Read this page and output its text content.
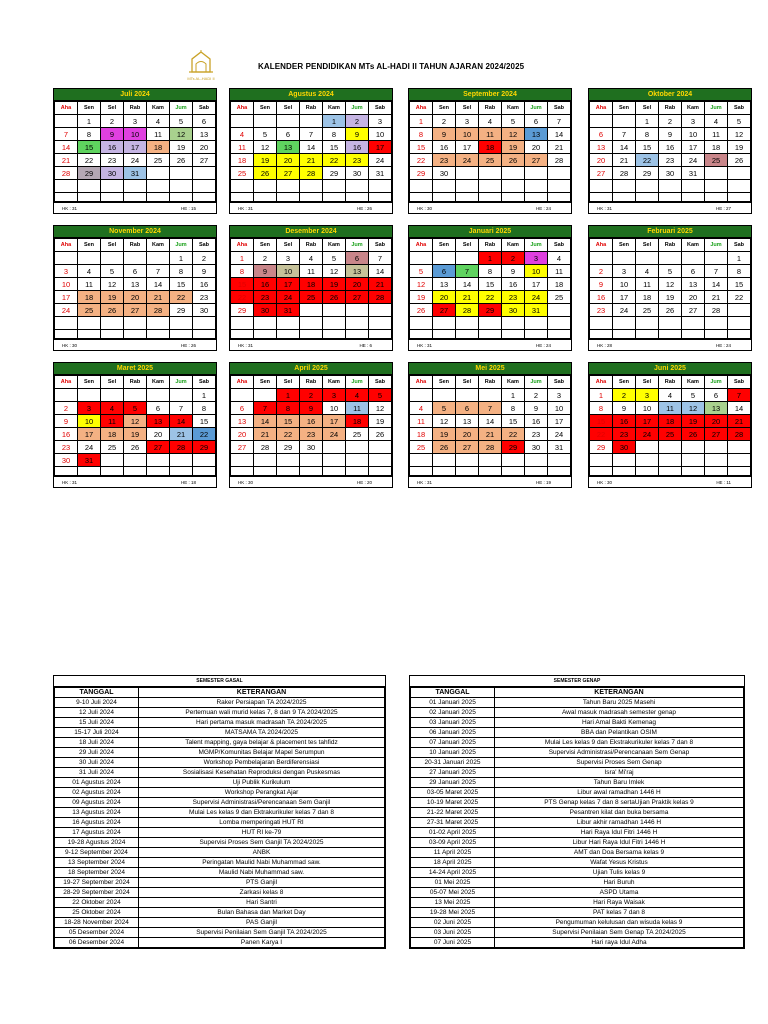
MTs AL-HADI II
KALENDER PENDIDIKAN MTs AL-HADI II TAHUN AJARAN 2024/2025
Juli 2024
Aha	Sen	Sel	Rab	Kam	Jum	Sab
	1	2	3	4	5	6
7	8	9	10	11	12	13
14	15	16	17	18	19	20
21	22	23	24	25	26	27
28	29	30	31			

HK : 31	HE : 15
Agustus 2024
Aha	Sen	Sel	Rab	Kam	Jum	Sab
				1	2	3
4	5	6	7	8	9	10
11	12	13	14	15	16	17
18	19	20	21	22	23	24
25	26	27	28	29	30	31

HK : 31	HE : 26
September 2024
Aha	Sen	Sel	Rab	Kam	Jum	Sab
1	2	3	4	5	6	7
8	9	10	11	12	13	14
15	16	17	18	19	20	21
22	23	24	25	26	27	28
29	30					

HK : 30	HE : 24
Oktober 2024
Aha	Sen	Sel	Rab	Kam	Jum	Sab
		1	2	3	4	5
6	7	8	9	10	11	12
13	14	15	16	17	18	19
20	21	22	23	24	25	26
27	28	29	30	31		

HK : 31	HE : 27
November 2024
Aha	Sen	Sel	Rab	Kam	Jum	Sab
					1	2
3	4	5	6	7	8	9
10	11	12	13	14	15	16
17	18	19	20	21	22	23
24	25	26	27	28	29	30

HK : 30	HE : 26
Desember 2024
Aha	Sen	Sel	Rab	Kam	Jum	Sab
1	2	3	4	5	6	7
8	9	10	11	12	13	14
15	16	17	18	19	20	21
22	23	24	25	26	27	28
29	30	31				

HK : 31	HE : 6
Januari 2025
Aha	Sen	Sel	Rab	Kam	Jum	Sab
			1	2	3	4
5	6	7	8	9	10	11
12	13	14	15	16	17	18
19	20	21	22	23	24	25
26	27	28	29	30	31	

HK : 31	HE : 24
Februari 2025
Aha	Sen	Sel	Rab	Kam	Jum	Sab
						1
2	3	4	5	6	7	8
9	10	11	12	13	14	15
16	17	18	19	20	21	22
23	24	25	26	27	28	

HK : 28	HE : 24
Maret 2025
Aha	Sen	Sel	Rab	Kam	Jum	Sab
						1
2	3	4	5	6	7	8
9	10	11	12	13	14	15
16	17	18	19	20	21	22
23	24	25	26	27	28	29
30	31					

HK : 31	HE : 18
April 2025
Aha	Sen	Sel	Rab	Kam	Jum	Sab
		1	2	3	4	5
6	7	8	9	10	11	12
13	14	15	16	17	18	19
20	21	22	23	24	25	26
27	28	29	30			

HK : 30	HE : 20
Mei 2025
Aha	Sen	Sel	Rab	Kam	Jum	Sab
				1	2	3
4	5	6	7	8	9	10
11	12	13	14	15	16	17
18	19	20	21	22	23	24
25	26	27	28	29	30	31

HK : 31	HE : 19
Juni 2025
Aha	Sen	Sel	Rab	Kam	Jum	Sab
1	2	3	4	5	6	7
8	9	10	11	12	13	14
15	16	17	18	19	20	21
22	23	24	25	26	27	28
29	30					

HK : 30	HE : 11
SEMESTER GASAL
TANGGAL	KETERANGAN
9-10 Juli 2024	Raker Persiapan TA 2024/2025
12 Juli 2024	Pertemuan wali murid kelas 7, 8 dan 9 TA 2024/2025
15 Juli 2024	Hari pertama masuk madrasah TA 2024/2025
15-17 Juli 2024	MATSAMA TA 2024/2025
18 Juli 2024	Talent mapping, gaya belajar & placement tes tahfidz
29 Juli 2024	MGMP/Komunitas Belajar Mapel Serumpun
30 Juli 2024	Workshop Pembelajaran Berdiferensiasi
31 Juli 2024	Sosialisasi Kesehatan Reproduksi dengan Puskesmas
01 Agustus 2024	Uji Publik Kurikulum
02 Agustus 2024	Workshop Perangkat Ajar
09 Agustus 2024	Supervisi Administrasi/Perencanaan Sem Ganjil
13 Agustus 2024	Mulai Les kelas 9 dan Ektrakurikuler kelas 7 dan 8
16 Agustus 2024	Lomba memperingati HUT RI
17 Agustus 2024	HUT RI ke-79
19-28 Agustus 2024	Supervisi Proses Sem Ganjil TA 2024/2025
9-12 September 2024	ANBK
13 September 2024	Peringatan Maulid Nabi Muhammad saw.
18 September 2024	Maulid Nabi Muhammad saw.
19-27 September 2024	PTS Ganjil
28-29 September 2024	Zarkasi kelas 8
22 Oktober 2024	Hari Santri
25 Oktober 2024	Bulan Bahasa dan Market Day
18-28 November 2024	PAS Ganjil
05 Desember 2024	Supervisi Penilaian Sem Ganjil TA 2024/2025
06 Desember 2024	Panen Karya I
SEMESTER GENAP
TANGGAL	KETERANGAN
01 Januari 2025	Tahun Baru 2025 Masehi
02 Januari 2025	Awal masuk madrasah semester genap
03 Januari 2025	Hari Amal Bakti Kemenag
06 Januari 2025	BBA dan Pelantikan OSIM
07 Januari 2025	Mulai Les kelas 9 dan Ekstrakurikuler kelas 7 dan 8
10 Januari 2025	Supervisi Administrasi/Perencanaan Sem Genap
20-31 Januari 2025	Supervisi Proses Sem Genap
27 Januari 2025	Isra' Mi'raj
29 Januari 2025	Tahun Baru Imlek
03-05 Maret 2025	Libur awal ramadhan 1446 H
10-19 Maret 2025	PTS Genap kelas 7 dan 8 sertaUjian Praktik kelas 9
21-22 Maret 2025	Pesantren kilat dan buka bersama
27-31 Maret 2025	Libur akhir ramadhan 1446 H
01-02 April 2025	Hari Raya Idul Fitri 1446 H
03-09 April 2025	Libur Hari Raya Idul Fitri 1446 H
11 April 2025	AMT dan Doa Bersama kelas 9
18 April 2025	Wafat Yesus Kristus
14-24 April 2025	Ujian Tulis kelas 9
01 Mei 2025	Hari Buruh
05-07 Mei 2025	ASPD Utama
13 Mei 2025	Hari Raya Waisak
19-28 Mei 2025	PAT kelas 7 dan 8
02 Juni 2025	Pengumuman kelulusan dan wisuda kelas 9
03 Juni 2025	Supervisi Penilaian Sem Genap TA 2024/2025
07 Juni 2025	Hari raya Idul Adha
